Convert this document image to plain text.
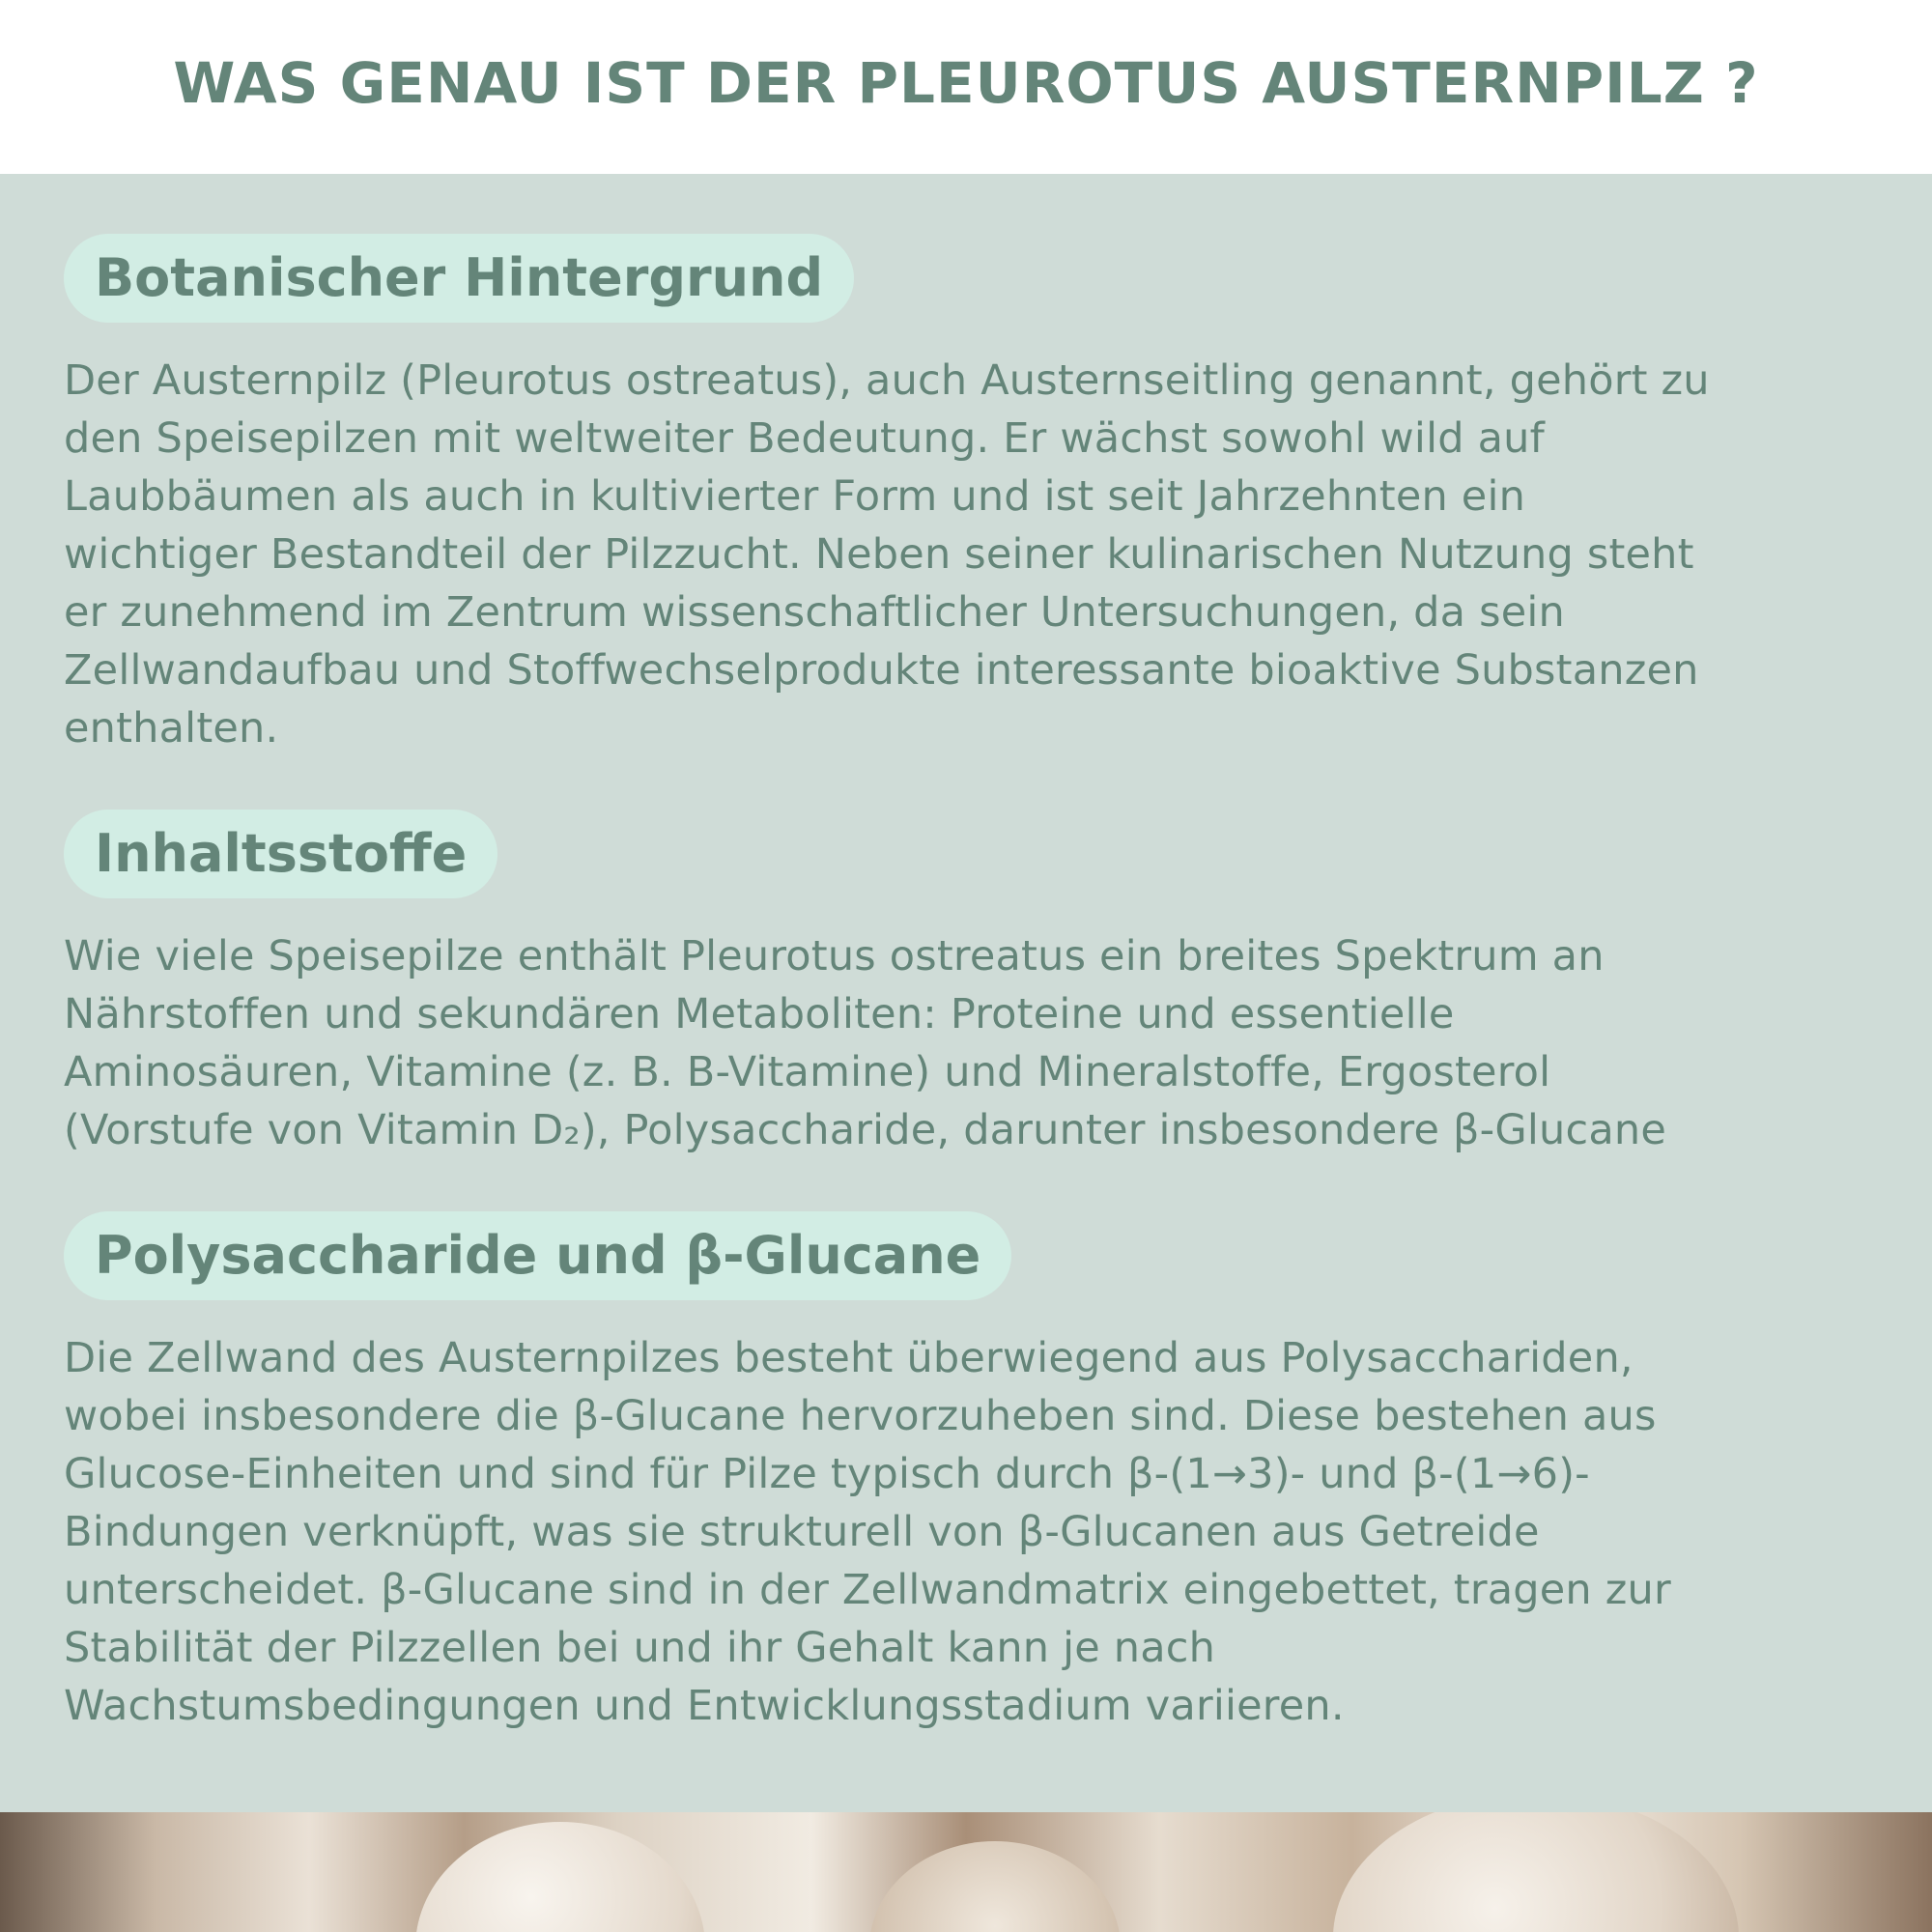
WAS GENAU IST DER PLEUROTUS AUSTERNPILZ ?
Botanischer Hintergrund

Der Austernpilz (Pleurotus ostreatus), auch Austernseitling genannt, gehört zu
den Speisepilzen mit weltweiter Bedeutung. Er wächst sowohl wild auf
Laubbäumen als auch in kultivierter Form und ist seit Jahrzehnten ein
wichtiger Bestandteil der Pilzzucht. Neben seiner kulinarischen Nutzung steht
er zunehmend im Zentrum wissenschaftlicher Untersuchungen, da sein
Zellwandaufbau und Stoffwechselprodukte interessante bioaktive Substanzen
enthalten.

Inhaltsstoffe

Wie viele Speisepilze enthält Pleurotus ostreatus ein breites Spektrum an
Nährstoffen und sekundären Metaboliten: Proteine und essentielle
Aminosäuren, Vitamine (z. B. B-Vitamine) und Mineralstoffe, Ergosterol
(Vorstufe von Vitamin D₂), Polysaccharide, darunter insbesondere β-Glucane

Polysaccharide und β-Glucane

Die Zellwand des Austernpilzes besteht überwiegend aus Polysacchariden,
wobei insbesondere die β-Glucane hervorzuheben sind. Diese bestehen aus
Glucose-Einheiten und sind für Pilze typisch durch β-(1→3)- und β-(1→6)-
Bindungen verknüpft, was sie strukturell von β-Glucanen aus Getreide
unterscheidet. β-Glucane sind in der Zellwandmatrix eingebettet, tragen zur
Stabilität der Pilzzellen bei und ihr Gehalt kann je nach
Wachstumsbedingungen und Entwicklungsstadium variieren.
